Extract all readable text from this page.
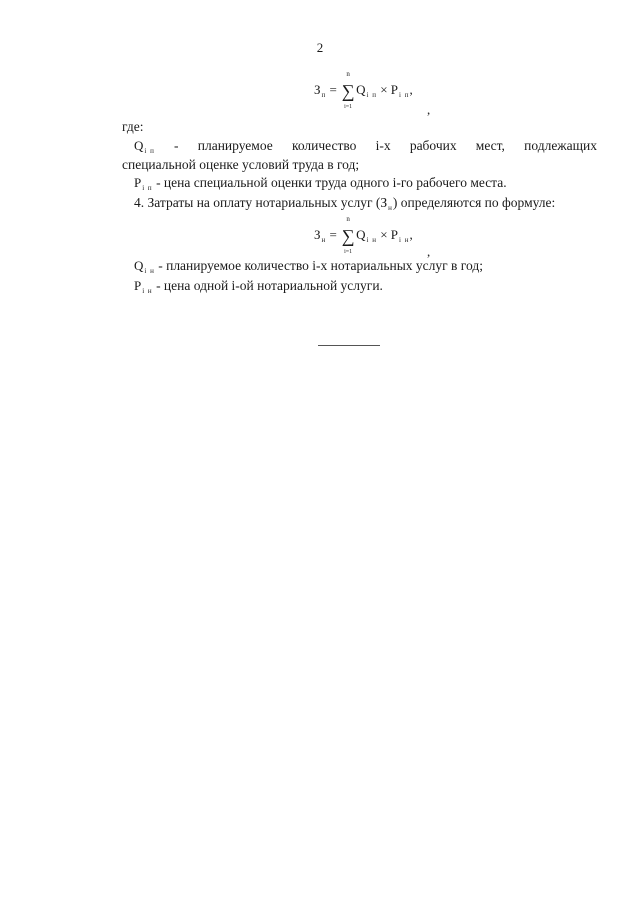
2
$З_п$ =
n
∑
i=1
$Q_{i п} \times P_{i п}$,
,
где:
$Q_{i п}$ - планируемое количество i-х рабочих мест, подлежащих
специальной оценке условий труда в год;
$P_{i п}$ - цена специальной оценки труда одного i-го рабочего места.
4. Затраты на оплату нотариальных услуг $(З_н)$ определяются по формуле:
$З_н$ =
n
∑
i=1
$Q_{i н} \times P_{i н}$,
,
$Q_{i н}$ - планируемое количество i-х нотариальных услуг в год;
$P_{i н}$ - цена одной i-ой нотариальной услуги.
